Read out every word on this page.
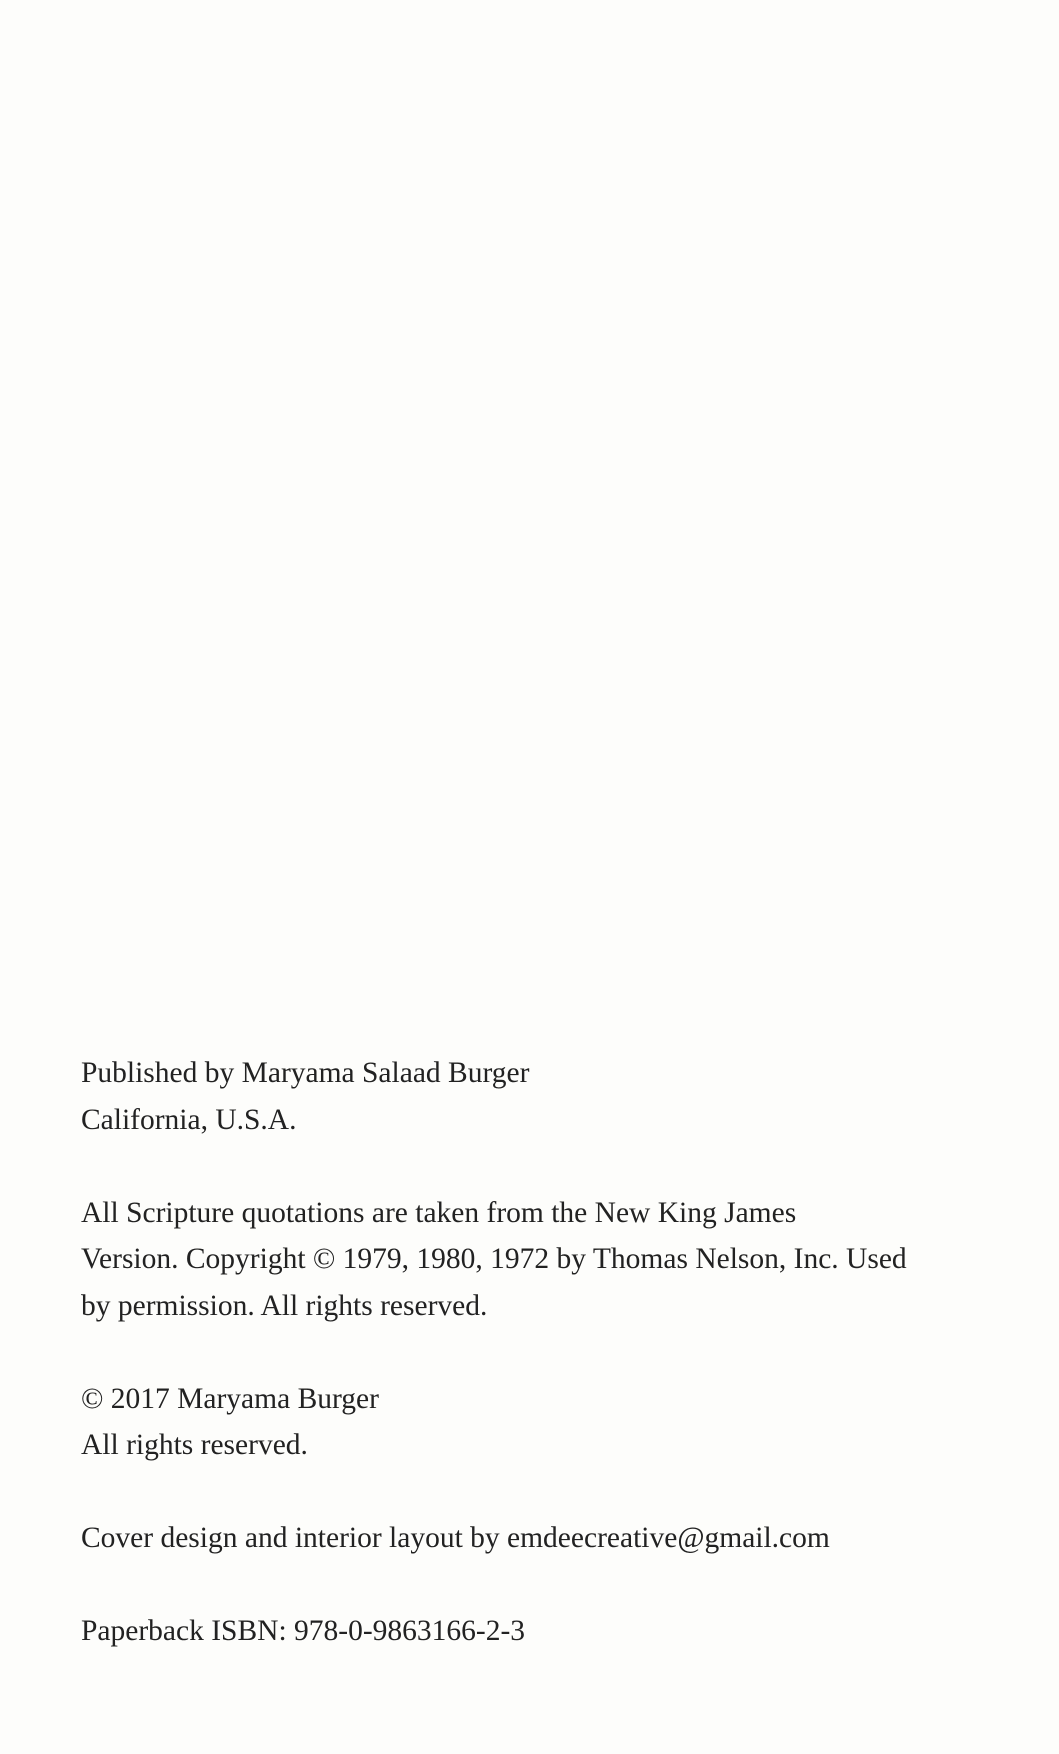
Published by Maryama Salaad Burger
California, U.S.A.

All Scripture quotations are taken from the New King James
Version. Copyright © 1979, 1980, 1972 by Thomas Nelson, Inc. Used
by permission. All rights reserved.

© 2017 Maryama Burger
All rights reserved.

Cover design and interior layout by emdeecreative@gmail.com

Paperback ISBN: 978-0-9863166-2-3
